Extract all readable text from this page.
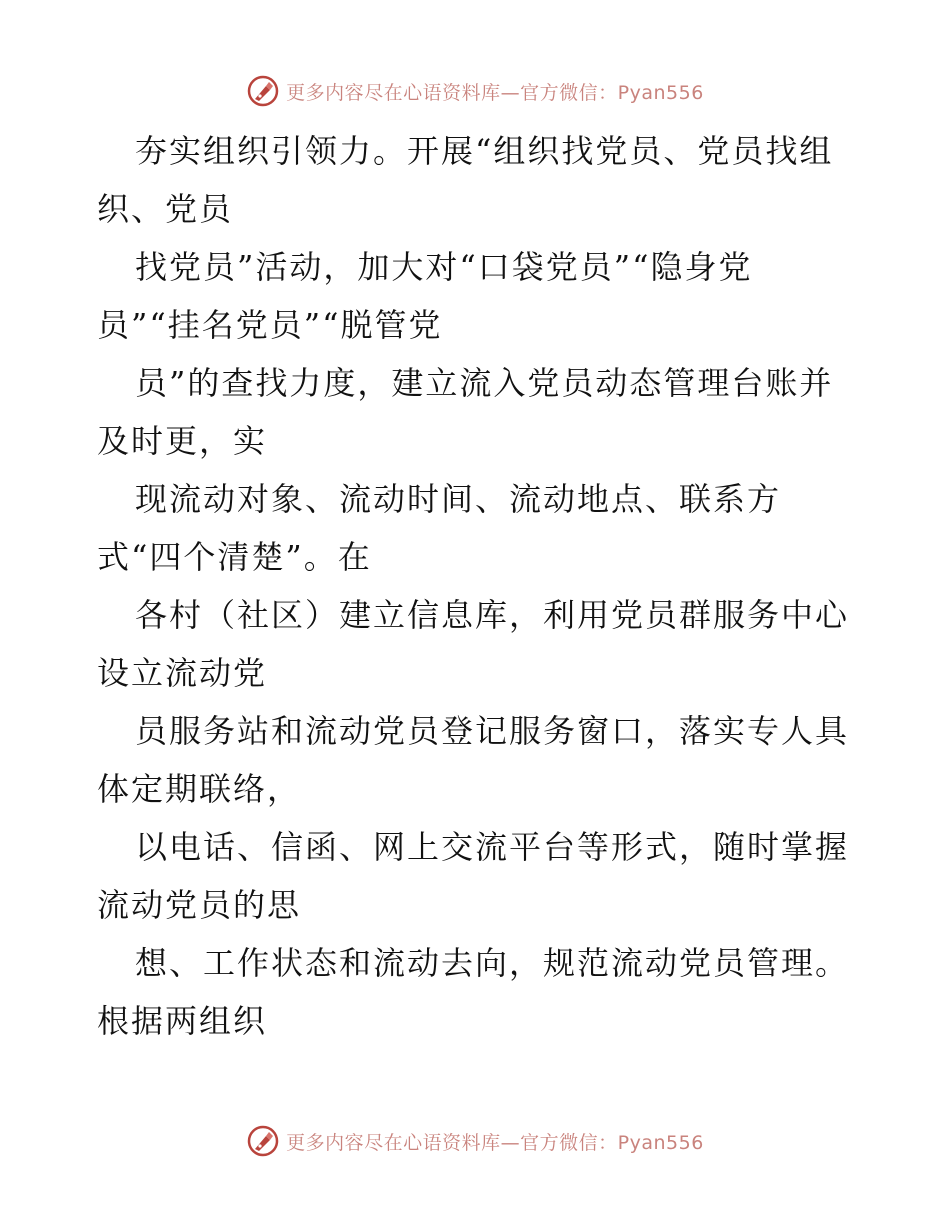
更多内容尽在心语资料库—官方微信：Pyan556
夯实组织引领力。开展“组织找党员、党员找组
织、党员
找党员”活动，加大对“口袋党员”“隐身党
员”“挂名党员”“脱管党
员”的查找力度，建立流入党员动态管理台账并
及时更，实
现流动对象、流动时间、流动地点、联系方
式“四个清楚”。在
各村（社区）建立信息库，利用党员群服务中心
设立流动党
员服务站和流动党员登记服务窗口，落实专人具
体定期联络，
以电话、信函、网上交流平台等形式，随时掌握
流动党员的思
想、工作状态和流动去向，规范流动党员管理。
根据两组织
更多内容尽在心语资料库—官方微信：Pyan556
